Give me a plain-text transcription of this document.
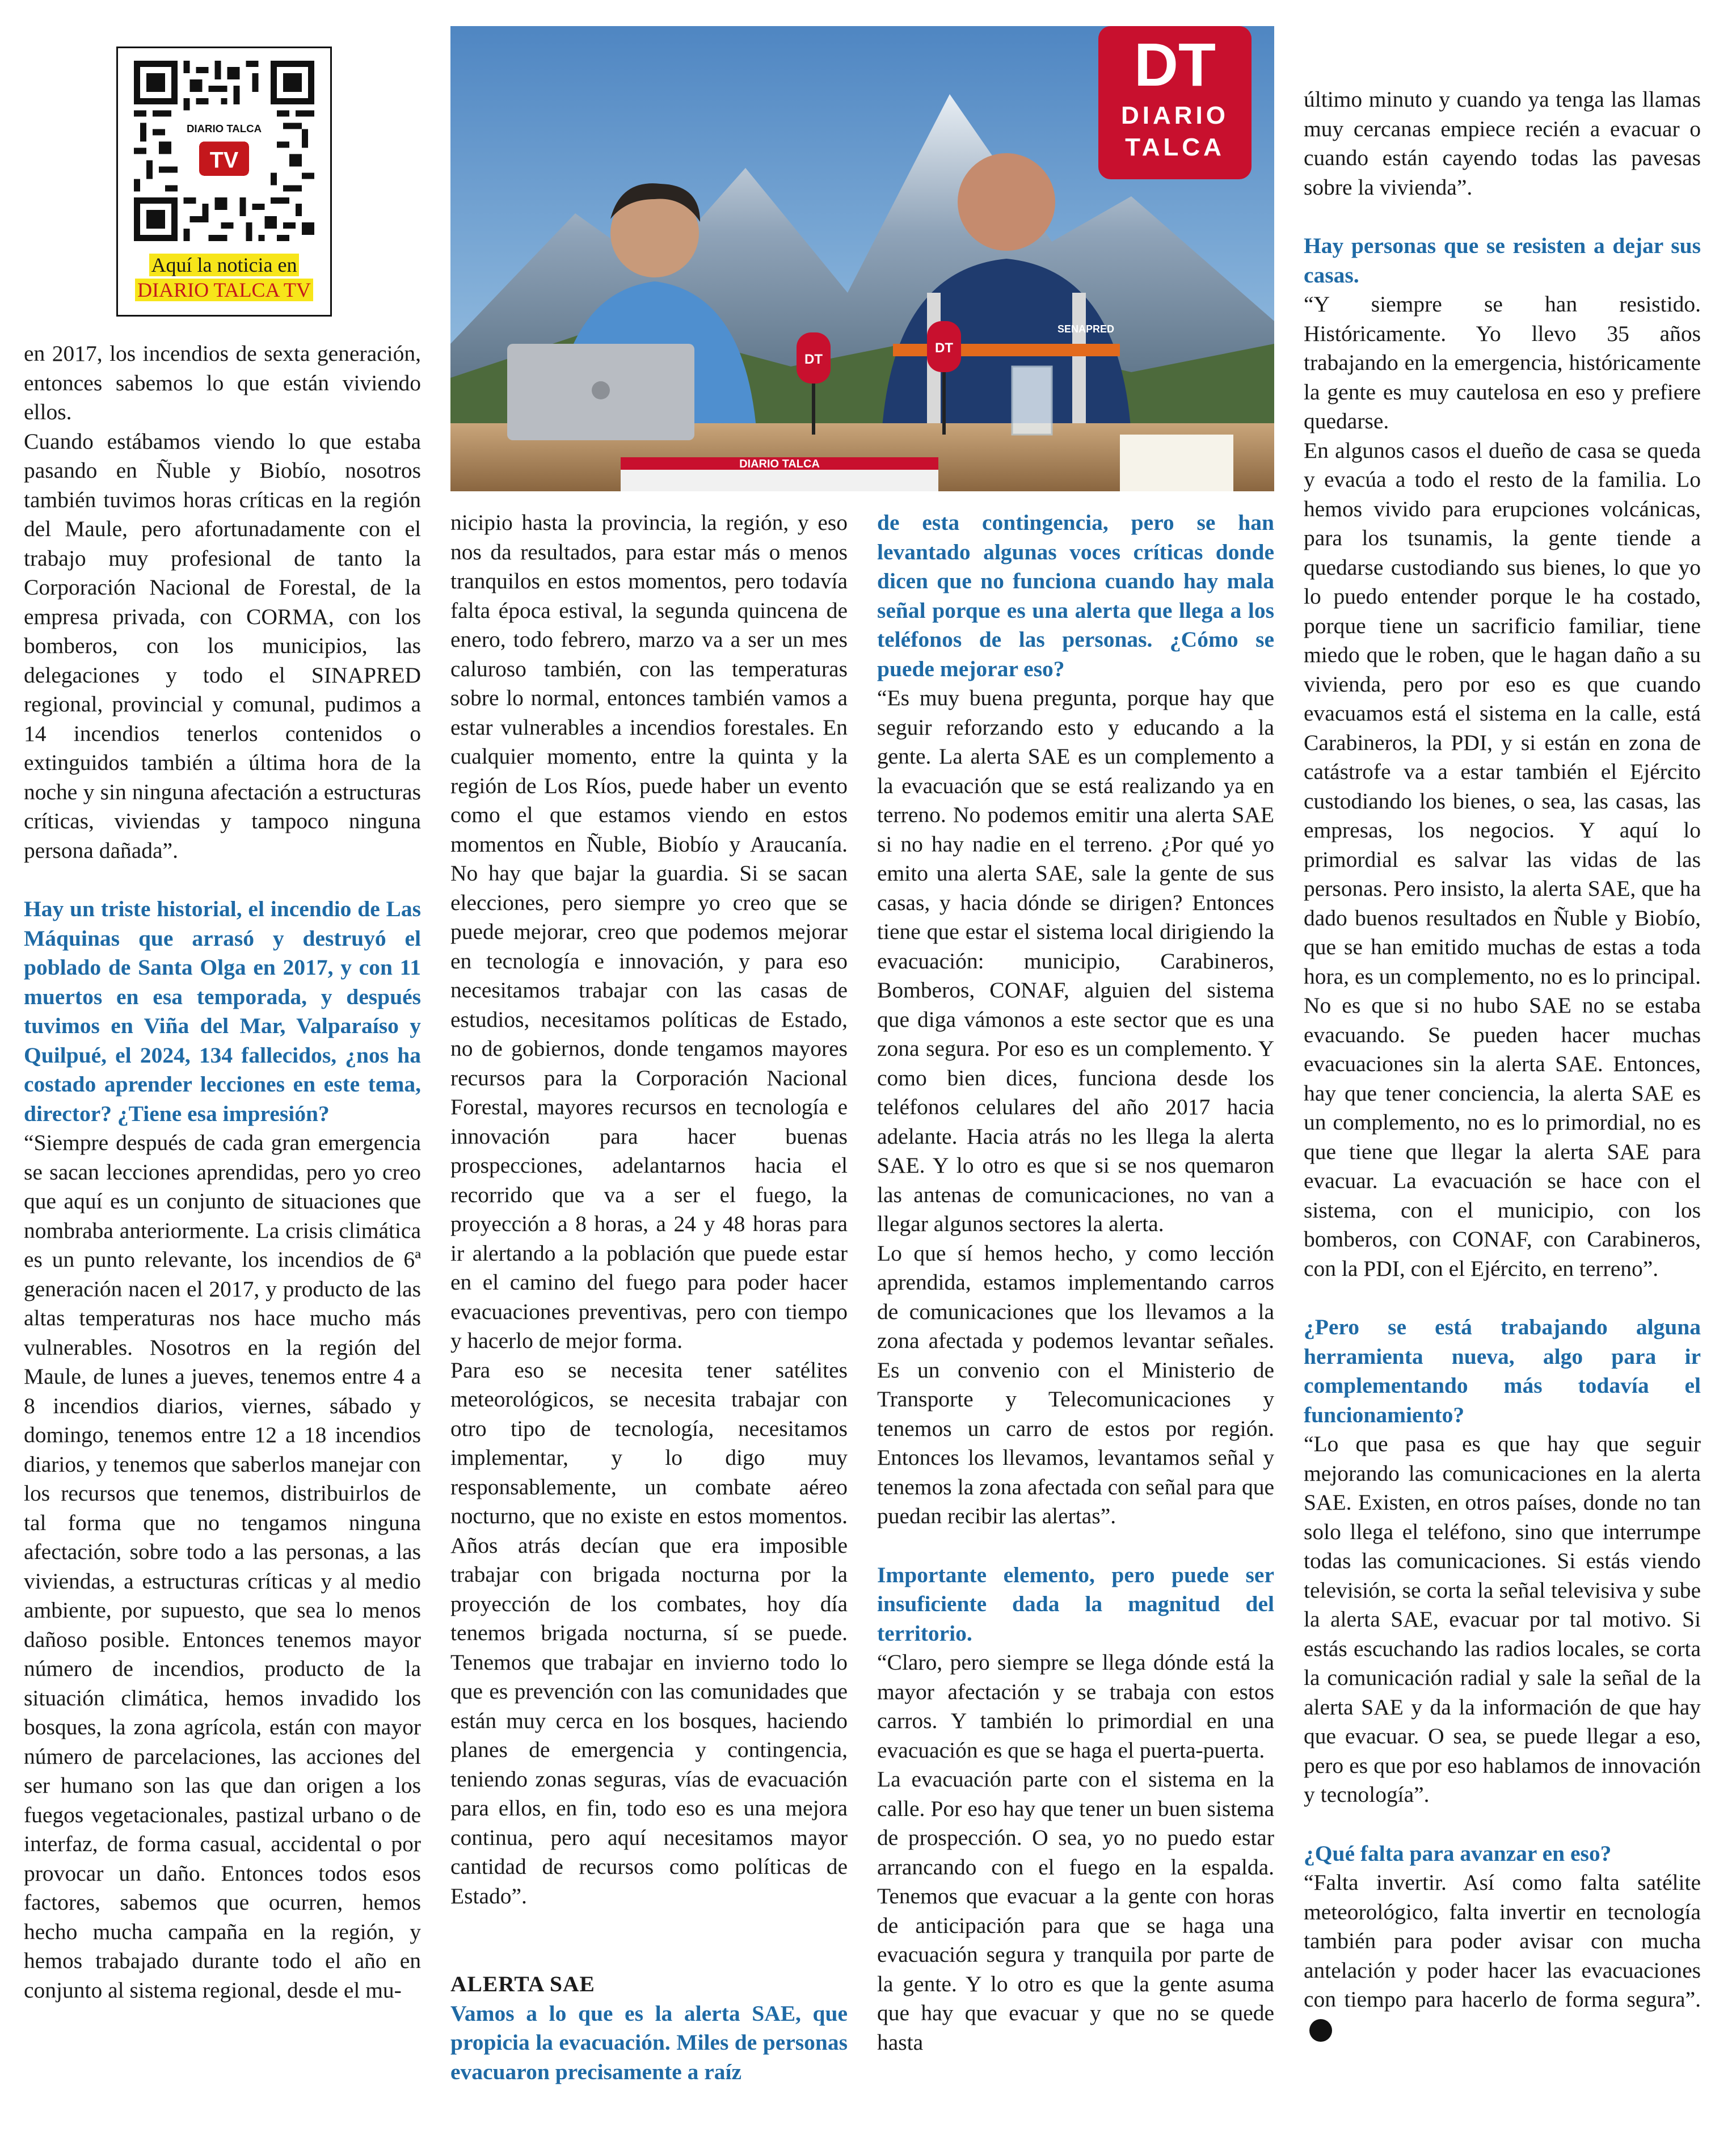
DIARIO TALCA
TV
Aquí la noticia en
DIARIO TALCA TV
DT
DIARIO
TALCA
SENAPRED
DT
DT
DIARIO TALCA

en 2017, los incendios de sexta generación, entonces sabemos lo que están viviendo ellos.

Cuando estábamos viendo lo que estaba pasando en Ñuble y Biobío, nosotros también tuvimos horas críticas en la región del Maule, pero afortunadamente con el trabajo muy profesional de tanto la Corporación Nacional de Forestal, de la empresa privada, con CORMA, con los bomberos, con los municipios, las delegaciones y todo el SINAPRED regional, provincial y comunal, pudimos a 14 incendios tenerlos contenidos o extinguidos también a última hora de la noche y sin ninguna afectación a estructuras críticas, viviendas y tampoco ninguna persona dañada”.

Hay un triste historial, el incendio de Las Máquinas que arrasó y destruyó el poblado de Santa Olga en 2017, y con 11 muertos en esa temporada, y después tuvimos en Viña del Mar, Valparaíso y Quilpué, el 2024, 134 fallecidos, ¿nos ha costado aprender lecciones en este tema, director? ¿Tiene esa impresión?

“Siempre después de cada gran emergencia se sacan lecciones aprendidas, pero yo creo que aquí es un conjunto de situaciones que nombraba anteriormente. La crisis climática es un punto relevante, los incendios de 6ª generación nacen el 2017, y producto de las altas temperaturas nos hace mucho más vulnerables. Nosotros en la región del Maule, de lunes a jueves, tenemos entre 4 a 8 incendios diarios, viernes, sábado y domingo, tenemos entre 12 a 18 incendios diarios, y tenemos que saberlos manejar con los recursos que tenemos, distribuirlos de tal forma que no tengamos ninguna afectación, sobre todo a las personas, a las viviendas, a estructuras críticas y al medio ambiente, por supuesto, que sea lo menos dañoso posible. Entonces tenemos mayor número de incendios, producto de la situación climática, hemos invadido los bosques, la zona agrícola, están con mayor número de parcelaciones, las acciones del ser humano son las que dan origen a los fuegos vegetacionales, pastizal urbano o de interfaz, de forma casual, accidental o por provocar un daño. Entonces todos esos factores, sabemos que ocurren, hemos hecho mucha campaña en la región, y hemos trabajado durante todo el año en conjunto al sistema regional, desde el mu-

nicipio hasta la provincia, la región, y eso nos da resultados, para estar más o menos tranquilos en estos momentos, pero todavía falta época estival, la segunda quincena de enero, todo febrero, marzo va a ser un mes caluroso también, con las temperaturas sobre lo normal, entonces también vamos a estar vulnerables a incendios forestales. En cualquier momento, entre la quinta y la región de Los Ríos, puede haber un evento como el que estamos viendo en estos momentos en Ñuble, Biobío y Araucanía. No hay que bajar la guardia. Si se sacan elecciones, pero siempre yo creo que se puede mejorar, creo que podemos mejorar en tecnología e innovación, y para eso necesitamos trabajar con las casas de estudios, necesitamos políticas de Estado, no de gobiernos, donde tengamos mayores recursos para la Corporación Nacional Forestal, mayores recursos en tecnología e innovación para hacer buenas prospecciones, adelantarnos hacia el recorrido que va a ser el fuego, la proyección a 8 horas, a 24 y 48 horas para ir alertando a la población que puede estar en el camino del fuego para poder hacer evacuaciones preventivas, pero con tiempo y hacerlo de mejor forma.

Para eso se necesita tener satélites meteorológicos, se necesita trabajar con otro tipo de tecnología, necesitamos implementar, y lo digo muy responsablemente, un combate aéreo nocturno, que no existe en estos momentos. Años atrás decían que era imposible trabajar con brigada nocturna por la proyección de los combates, hoy día tenemos brigada nocturna, sí se puede. Tenemos que trabajar en invierno todo lo que es prevención con las comunidades que están muy cerca en los bosques, haciendo planes de emergencia y contingencia, teniendo zonas seguras, vías de evacuación para ellos, en fin, todo eso es una mejora continua, pero aquí necesitamos mayor cantidad de recursos como políticas de Estado”.

ALERTA SAE

Vamos a lo que es la alerta SAE, que propicia la evacuación. Miles de personas evacuaron precisamente a raíz

de esta contingencia, pero se han levantado algunas voces críticas donde dicen que no funciona cuando hay mala señal porque es una alerta que llega a los teléfonos de las personas. ¿Cómo se puede mejorar eso?

“Es muy buena pregunta, porque hay que seguir reforzando esto y educando a la gente. La alerta SAE es un complemento a la evacuación que se está realizando ya en terreno. No podemos emitir una alerta SAE si no hay nadie en el terreno. ¿Por qué yo emito una alerta SAE, sale la gente de sus casas, y hacia dónde se dirigen? Entonces tiene que estar el sistema local dirigiendo la evacuación: municipio, Carabineros, Bomberos, CONAF, alguien del sistema que diga vámonos a este sector que es una zona segura. Por eso es un complemento. Y como bien dices, funciona desde los teléfonos celulares del año 2017 hacia adelante. Hacia atrás no les llega la alerta SAE. Y lo otro es que si se nos quemaron las antenas de comunicaciones, no van a llegar algunos sectores la alerta.

Lo que sí hemos hecho, y como lección aprendida, estamos implementando carros de comunicaciones que los llevamos a la zona afectada y podemos levantar señales. Es un convenio con el Ministerio de Transporte y Telecomunicaciones y tenemos un carro de estos por región. Entonces los llevamos, levantamos señal y tenemos la zona afectada con señal para que puedan recibir las alertas”.

Importante elemento, pero puede ser insuficiente dada la magnitud del territorio.

“Claro, pero siempre se llega dónde está la mayor afectación y se trabaja con estos carros. Y también lo primordial en una evacuación es que se haga el puerta-puerta.

La evacuación parte con el sistema en la calle. Por eso hay que tener un buen sistema de prospección. O sea, yo no puedo estar arrancando con el fuego en la espalda. Tenemos que evacuar a la gente con horas de anticipación para que se haga una evacuación segura y tranquila por parte de la gente. Y lo otro es que la gente asuma que hay que evacuar y que no se quede hasta

último minuto y cuando ya tenga las llamas muy cercanas empiece recién a evacuar o cuando están cayendo todas las pavesas sobre la vivienda”.

Hay personas que se resisten a dejar sus casas.

“Y siempre se han resistido. Históricamente. Yo llevo 35 años trabajando en la emergencia, históricamente la gente es muy cautelosa en eso y prefiere quedarse.

En algunos casos el dueño de casa se queda y evacúa a todo el resto de la familia. Lo hemos vivido para erupciones volcánicas, para los tsunamis, la gente tiende a quedarse custodiando sus bienes, lo que yo lo puedo entender porque le ha costado, porque tiene un sacrificio familiar, tiene miedo que le roben, que le hagan daño a su vivienda, pero por eso es que cuando evacuamos está el sistema en la calle, está Carabineros, la PDI, y si están en zona de catástrofe va a estar también el Ejército custodiando los bienes, o sea, las casas, las empresas, los negocios. Y aquí lo primordial es salvar las vidas de las personas. Pero insisto, la alerta SAE, que ha dado buenos resultados en Ñuble y Biobío, que se han emitido muchas de estas a toda hora, es un complemento, no es lo principal. No es que si no hubo SAE no se estaba evacuando. Se pueden hacer muchas evacuaciones sin la alerta SAE. Entonces, hay que tener conciencia, la alerta SAE es un complemento, no es lo primordial, no es que tiene que llegar la alerta SAE para evacuar. La evacuación se hace con el sistema, con el municipio, con los bomberos, con CONAF, con Carabineros, con la PDI, con el Ejército, en terreno”.

¿Pero se está trabajando alguna herramienta nueva, algo para ir complementando más todavía el funcionamiento?

“Lo que pasa es que hay que seguir mejorando las comunicaciones en la alerta SAE. Existen, en otros países, donde no tan solo llega el teléfono, sino que interrumpe todas las comunicaciones. Si estás viendo televisión, se corta la señal televisiva y sube la alerta SAE, evacuar por tal motivo. Si estás escuchando las radios locales, se corta la comunicación radial y sale la señal de la alerta SAE y da la información de que hay que evacuar. O sea, se puede llegar a eso, pero es que por eso hablamos de innovación y tecnología”.

¿Qué falta para avanzar en eso?

“Falta invertir. Así como falta satélite meteorológico, falta invertir en tecnología también para poder avisar con mucha antelación y poder hacer las evacuaciones con tiempo para hacerlo de forma segura”.
